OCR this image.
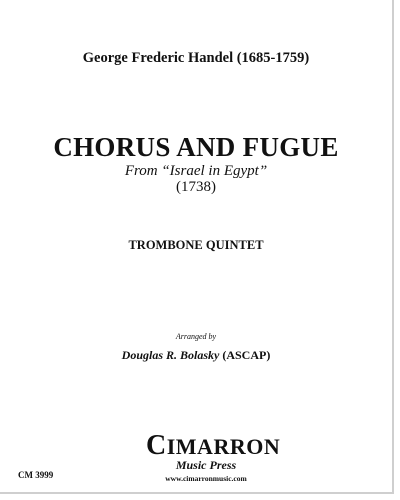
George Frederic Handel (1685-1759)
CHORUS AND FUGUE
From “Israel in Egypt”
(1738)
TROMBONE QUINTET
Arranged by
Douglas R. Bolasky (ASCAP)
CIMARRON
Music Press
www.cimarronmusic.com
CM 3999
